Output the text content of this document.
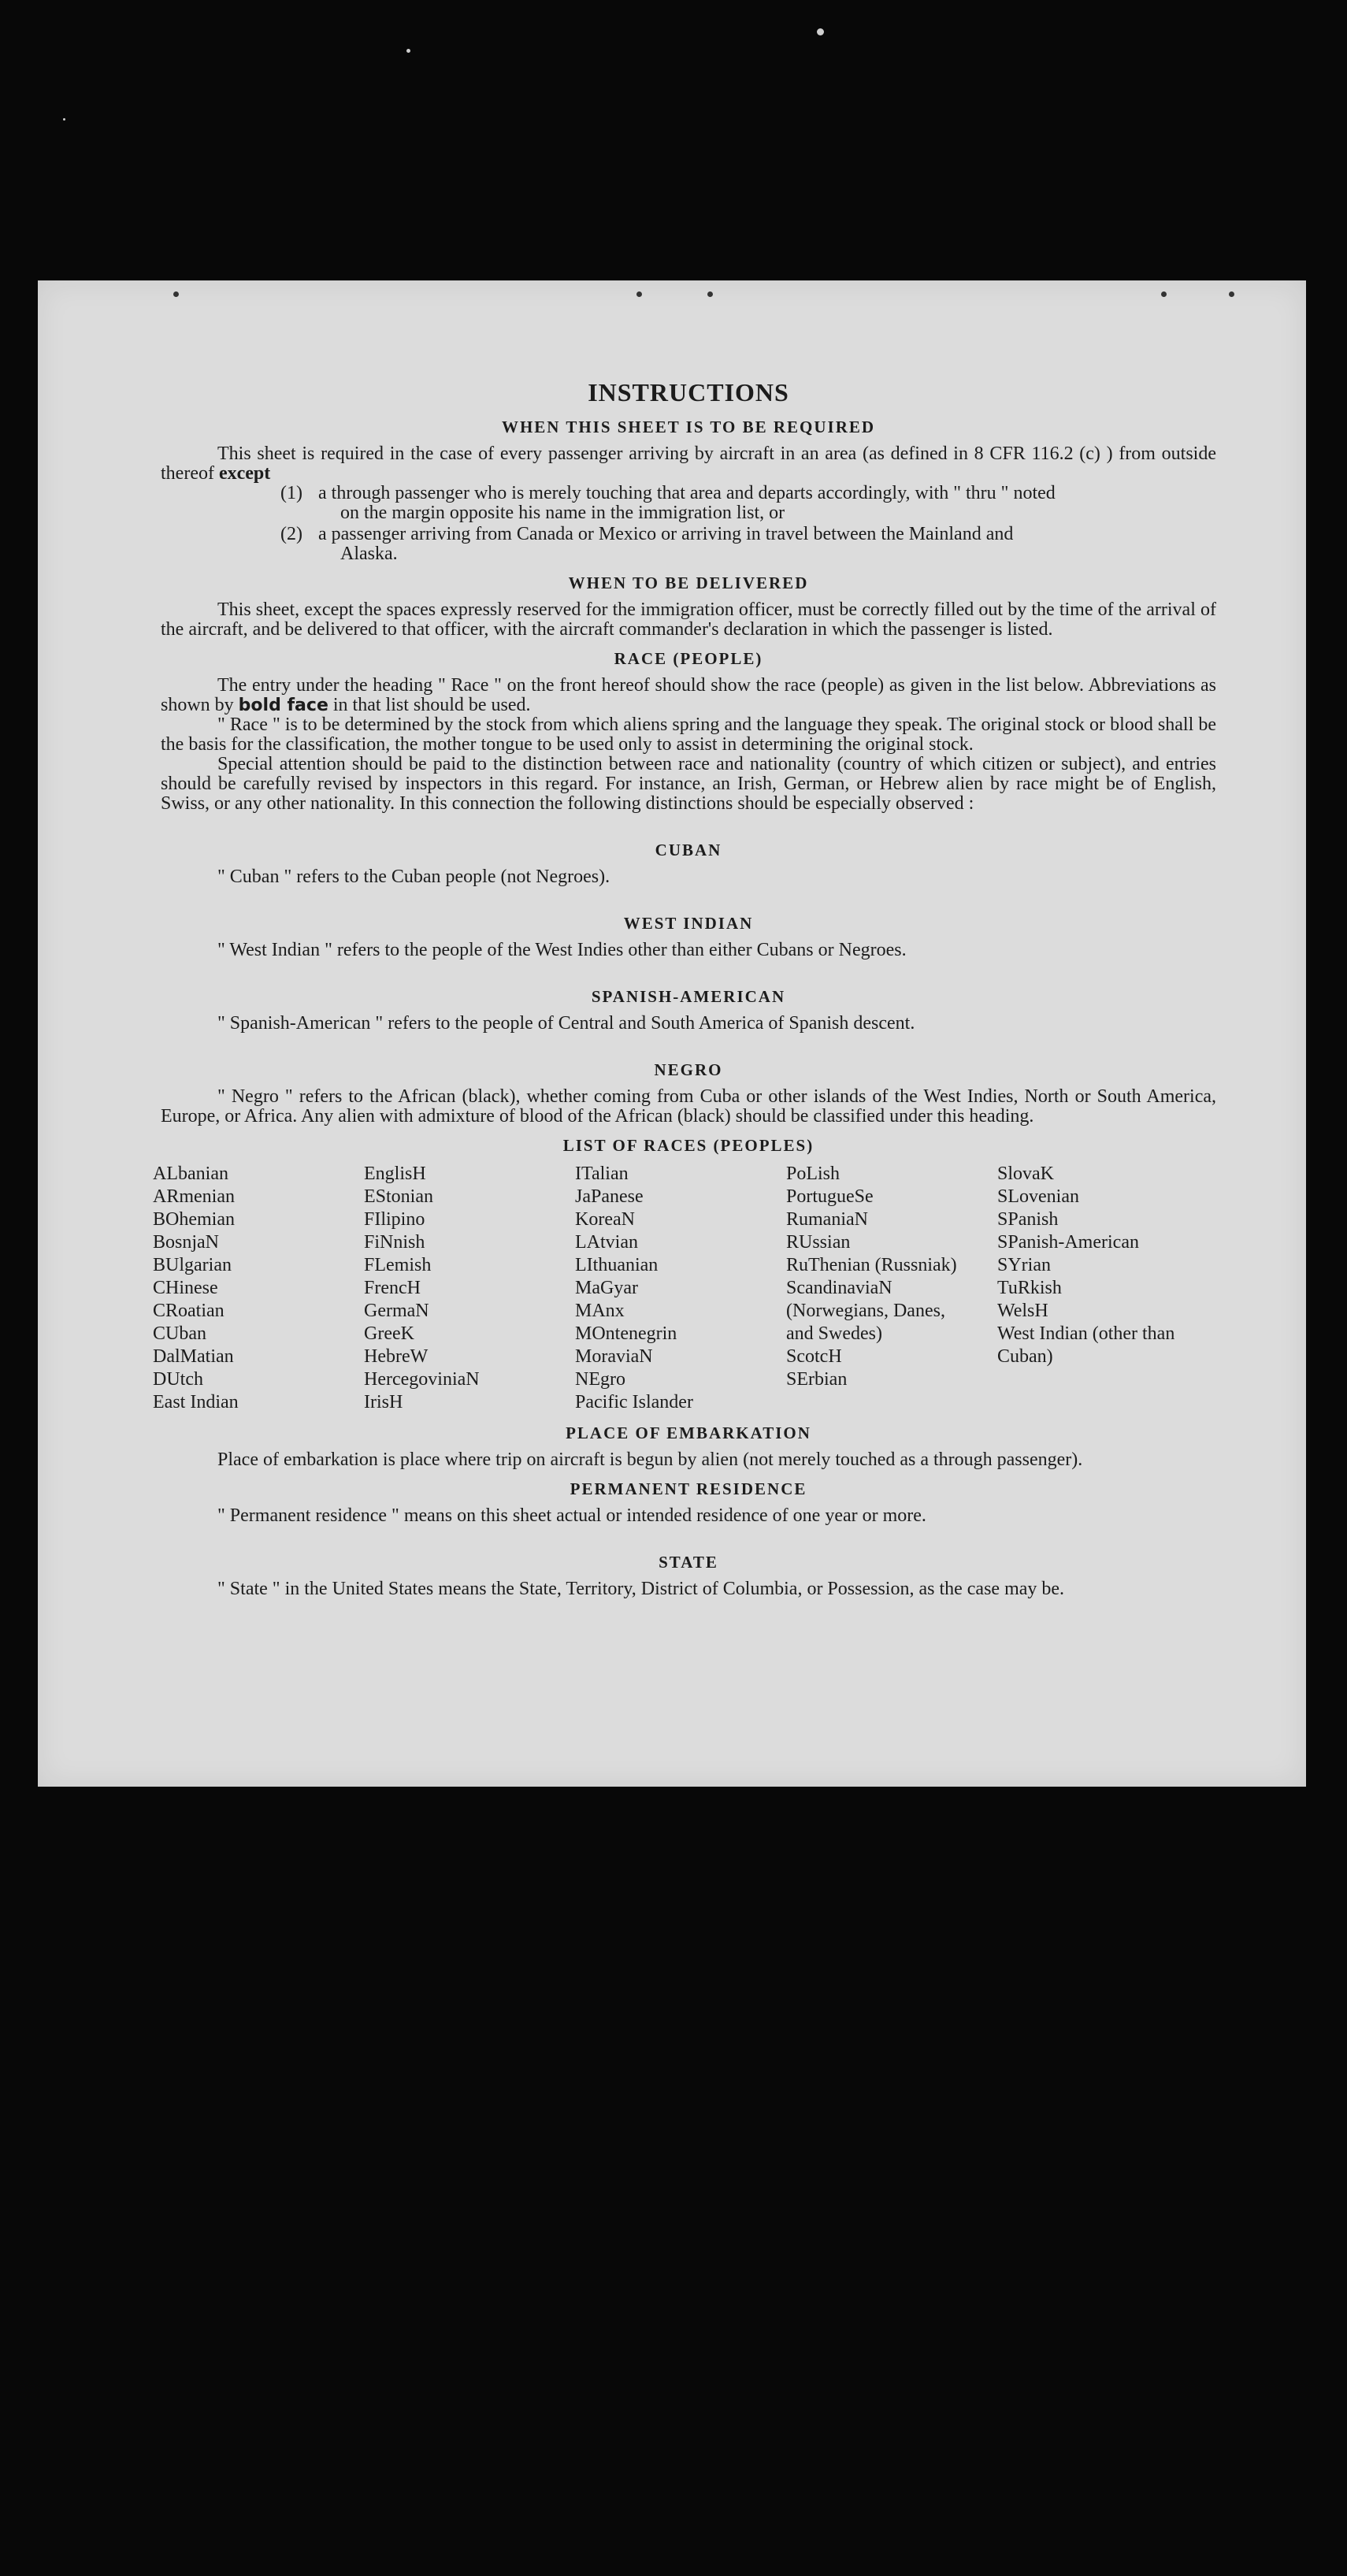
INSTRUCTIONS
WHEN THIS SHEET IS TO BE REQUIRED

This sheet is required in the case of every passenger arriving by aircraft in an area (as defined in 8 CFR 116.2 (c) ) from outside thereof except

(1) a through passenger who is merely touching that area and departs accordingly, with " thru " noted
on the margin opposite his name in the immigration list, or
(2) a passenger arriving from Canada or Mexico or arriving in travel between the Mainland and
Alaska.
WHEN TO BE DELIVERED

This sheet, except the spaces expressly reserved for the immigration officer, must be correctly filled out by the time of the arrival of the aircraft, and be delivered to that officer, with the aircraft commander's declaration in which the passenger is listed.

RACE (PEOPLE)

The entry under the heading " Race " on the front hereof should show the race (people) as given in the list below. Abbreviations as shown by bold face in that list should be used.

" Race " is to be determined by the stock from which aliens spring and the language they speak. The original stock or blood shall be the basis for the classification, the mother tongue to be used only to assist in determining the original stock.

Special attention should be paid to the distinction between race and nationality (country of which citizen or subject), and entries should be carefully revised by inspectors in this regard. For instance, an Irish, German, or Hebrew alien by race might be of English, Swiss, or any other nationality. In this connection the following distinctions should be especially observed :

CUBAN

" Cuban " refers to the Cuban people (not Negroes).

WEST INDIAN

" West Indian " refers to the people of the West Indies other than either Cubans or Negroes.

SPANISH-AMERICAN

" Spanish-American " refers to the people of Central and South America of Spanish descent.

NEGRO

" Negro " refers to the African (black), whether coming from Cuba or other islands of the West Indies, North or South America, Europe, or Africa. Any alien with admixture of blood of the African (black) should be classified under this heading.

LIST OF RACES (PEOPLES)
ALbanian
ARmenian
BOhemian
BosnjaN
BUlgarian
CHinese
CRoatian
CUban
DalMatian
DUtch
East Indian
EnglisH
EStonian
FIlipino
FiNnish
FLemish
FrencH
GermaN
GreeK
HebreW
HercegoviniaN
IrisH
ITalian
JaPanese
KoreaN
LAtvian
LIthuanian
MaGyar
MAnx
MOntenegrin
MoraviaN
NEgro
Pacific Islander
PoLish
PortugueSe
RumaniaN
RUssian
RuThenian (Russniak)
ScandinaviaN (Norwegians, Danes, and Swedes)
ScotcH
SErbian
SlovaK
SLovenian
SPanish
SPanish-American
SYrian
TuRkish
WelsH
West Indian (other than Cuban)
PLACE OF EMBARKATION

Place of embarkation is place where trip on aircraft is begun by alien (not merely touched as a through passenger).

PERMANENT RESIDENCE

" Permanent residence " means on this sheet actual or intended residence of one year or more.

STATE

" State " in the United States means the State, Territory, District of Columbia, or Possession, as the case may be.
